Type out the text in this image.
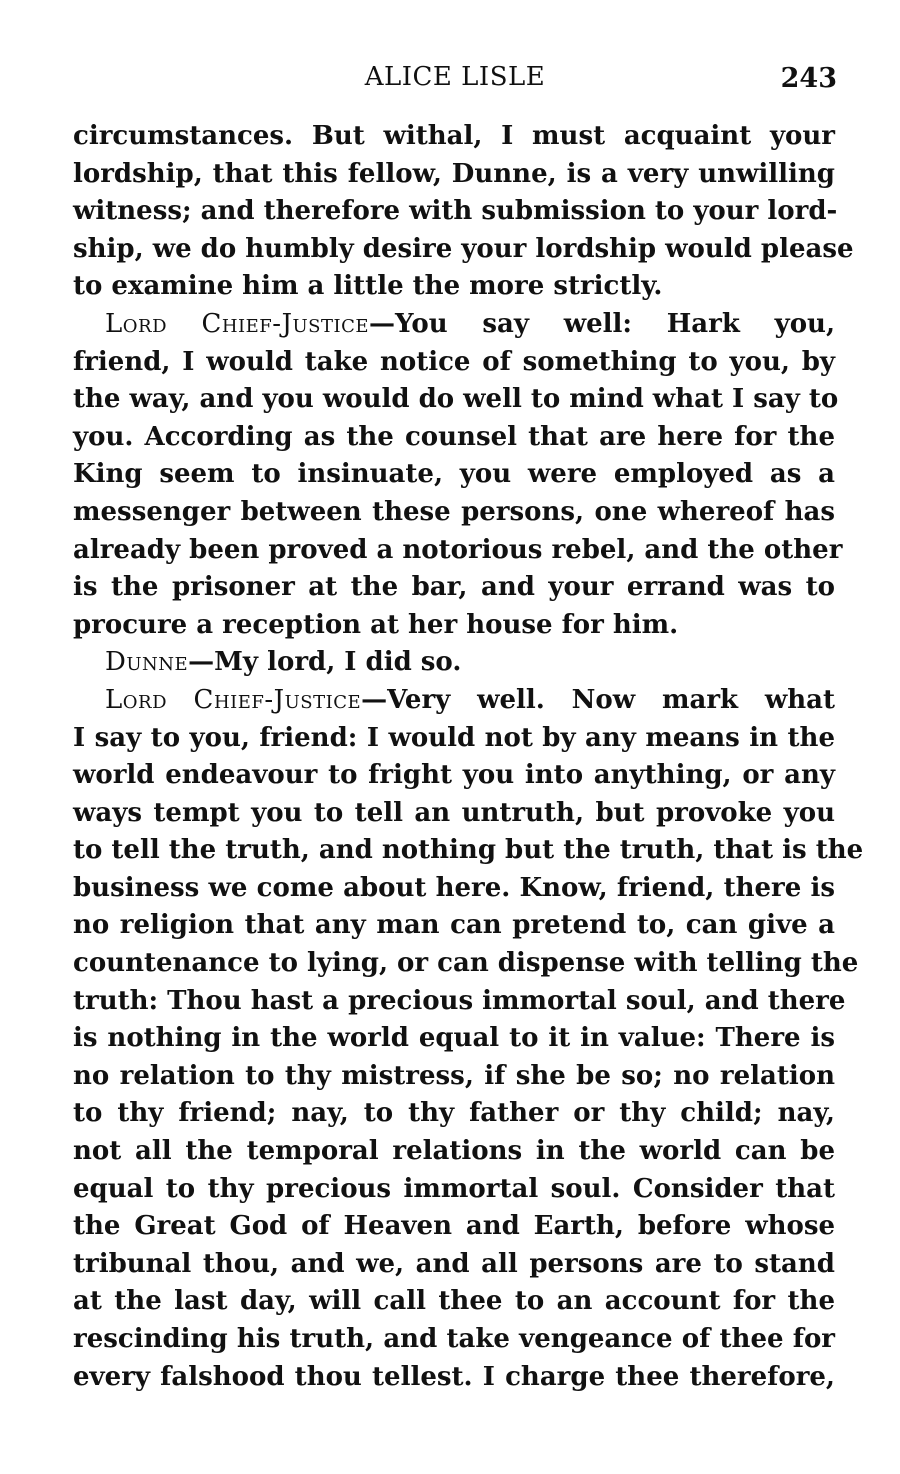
ALICE LISLE	243
circumstances. But withal, I must acquaint your
lordship, that this fellow, Dunne, is a very unwilling
witness; and therefore with submission to your lord-
ship, we do humbly desire your lordship would please
to examine him a little the more strictly.
Lord Chief-Justice—You say well: Hark you,
friend, I would take notice of something to you, by
the way, and you would do well to mind what I say to
you. According as the counsel that are here for the
King seem to insinuate, you were employed as a
messenger between these persons, one whereof has
already been proved a notorious rebel, and the other
is the prisoner at the bar, and your errand was to
procure a reception at her house for him.
Dunne—My lord, I did so.
Lord Chief-Justice—Very well. Now mark what
I say to you, friend: I would not by any means in the
world endeavour to fright you into anything, or any
ways tempt you to tell an untruth, but provoke you
to tell the truth, and nothing but the truth, that is the
business we come about here. Know, friend, there is
no religion that any man can pretend to, can give a
countenance to lying, or can dispense with telling the
truth: Thou hast a precious immortal soul, and there
is nothing in the world equal to it in value: There is
no relation to thy mistress, if she be so; no relation
to thy friend; nay, to thy father or thy child; nay,
not all the temporal relations in the world can be
equal to thy precious immortal soul. Consider that
the Great God of Heaven and Earth, before whose
tribunal thou, and we, and all persons are to stand
at the last day, will call thee to an account for the
rescinding his truth, and take vengeance of thee for
every falshood thou tellest. I charge thee therefore,
